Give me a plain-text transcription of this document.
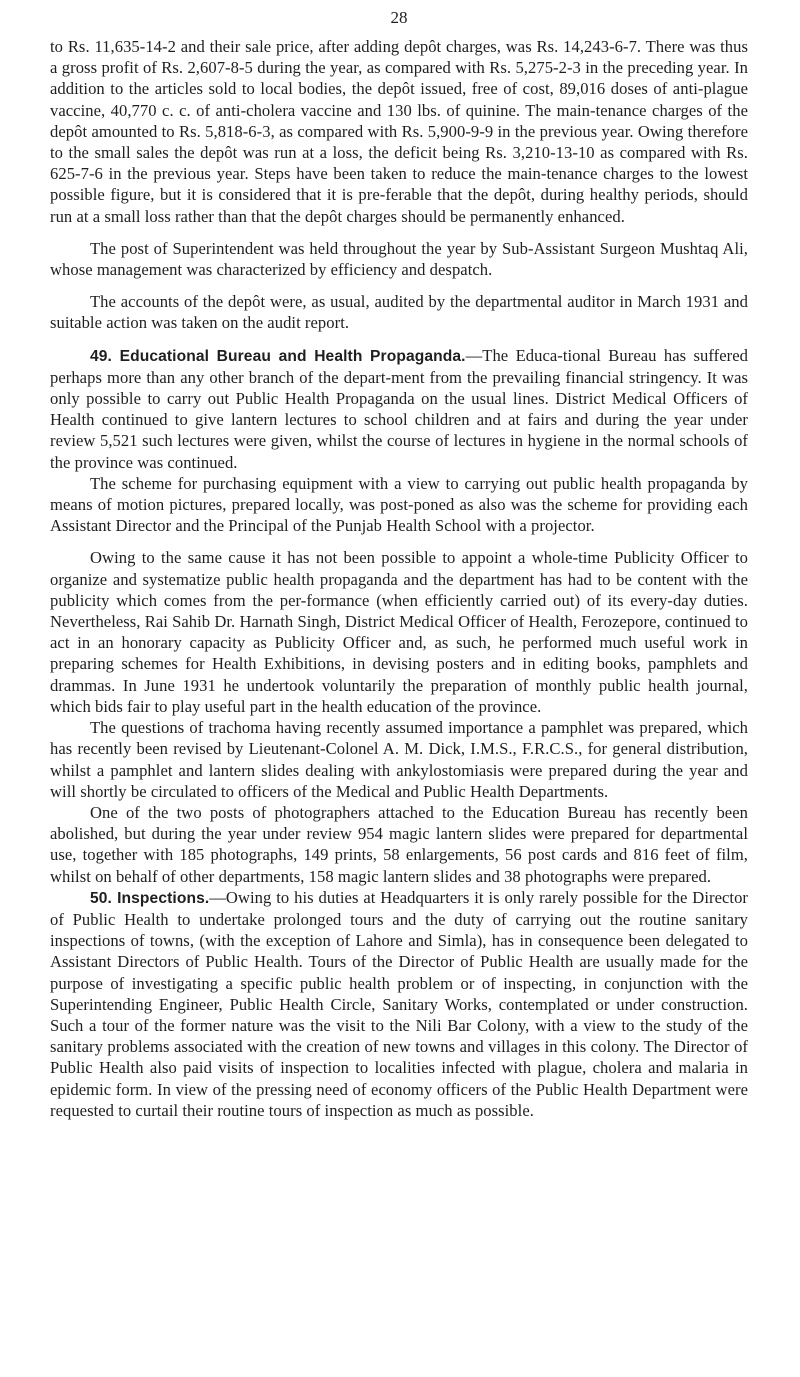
28

to Rs. 11,635-14-2 and their sale price, after adding depôt charges, was Rs. 14,243-6-7. There was thus a gross profit of Rs. 2,607-8-5 during the year, as compared with Rs. 5,275-2-3 in the preceding year. In addition to the articles sold to local bodies, the depôt issued, free of cost, 89,016 doses of anti-plague vaccine, 40,770 c. c. of anti-cholera vaccine and 130 lbs. of quinine. The main-tenance charges of the depôt amounted to Rs. 5,818-6-3, as compared with Rs. 5,900-9-9 in the previous year. Owing therefore to the small sales the depôt was run at a loss, the deficit being Rs. 3,210-13-10 as compared with Rs. 625-7-6 in the previous year. Steps have been taken to reduce the main-tenance charges to the lowest possible figure, but it is considered that it is pre-ferable that the depôt, during healthy periods, should run at a small loss rather than that the depôt charges should be permanently enhanced.

The post of Superintendent was held throughout the year by Sub-Assistant Surgeon Mushtaq Ali, whose management was characterized by efficiency and despatch.

The accounts of the depôt were, as usual, audited by the departmental auditor in March 1931 and suitable action was taken on the audit report.

49. Educational Bureau and Health Propaganda.—The Educa-tional Bureau has suffered perhaps more than any other branch of the depart-ment from the prevailing financial stringency. It was only possible to carry out Public Health Propaganda on the usual lines. District Medical Officers of Health continued to give lantern lectures to school children and at fairs and during the year under review 5,521 such lectures were given, whilst the course of lectures in hygiene in the normal schools of the province was continued.

The scheme for purchasing equipment with a view to carrying out public health propaganda by means of motion pictures, prepared locally, was post-poned as also was the scheme for providing each Assistant Director and the Principal of the Punjab Health School with a projector.

Owing to the same cause it has not been possible to appoint a whole-time Publicity Officer to organize and systematize public health propaganda and the department has had to be content with the publicity which comes from the per-formance (when efficiently carried out) of its every-day duties. Nevertheless, Rai Sahib Dr. Harnath Singh, District Medical Officer of Health, Ferozepore, continued to act in an honorary capacity as Publicity Officer and, as such, he performed much useful work in preparing schemes for Health Exhibitions, in devising posters and in editing books, pamphlets and drammas. In June 1931 he undertook voluntarily the preparation of monthly public health journal, which bids fair to play useful part in the health education of the province.

The questions of trachoma having recently assumed importance a pamphlet was prepared, which has recently been revised by Lieutenant-Colonel A. M. Dick, I.M.S., F.R.C.S., for general distribution, whilst a pamphlet and lantern slides dealing with ankylostomiasis were prepared during the year and will shortly be circulated to officers of the Medical and Public Health Departments.

One of the two posts of photographers attached to the Education Bureau has recently been abolished, but during the year under review 954 magic lantern slides were prepared for departmental use, together with 185 photographs, 149 prints, 58 enlargements, 56 post cards and 816 feet of film, whilst on behalf of other departments, 158 magic lantern slides and 38 photographs were prepared.

50. Inspections.—Owing to his duties at Headquarters it is only rarely possible for the Director of Public Health to undertake prolonged tours and the duty of carrying out the routine sanitary inspections of towns, (with the exception of Lahore and Simla), has in consequence been delegated to Assistant Directors of Public Health. Tours of the Director of Public Health are usually made for the purpose of investigating a specific public health problem or of inspecting, in conjunction with the Superintending Engineer, Public Health Circle, Sanitary Works, contemplated or under construction. Such a tour of the former nature was the visit to the Nili Bar Colony, with a view to the study of the sanitary problems associated with the creation of new towns and villages in this colony. The Director of Public Health also paid visits of inspection to localities infected with plague, cholera and malaria in epidemic form. In view of the pressing need of economy officers of the Public Health Department were requested to curtail their routine tours of inspection as much as possible.
